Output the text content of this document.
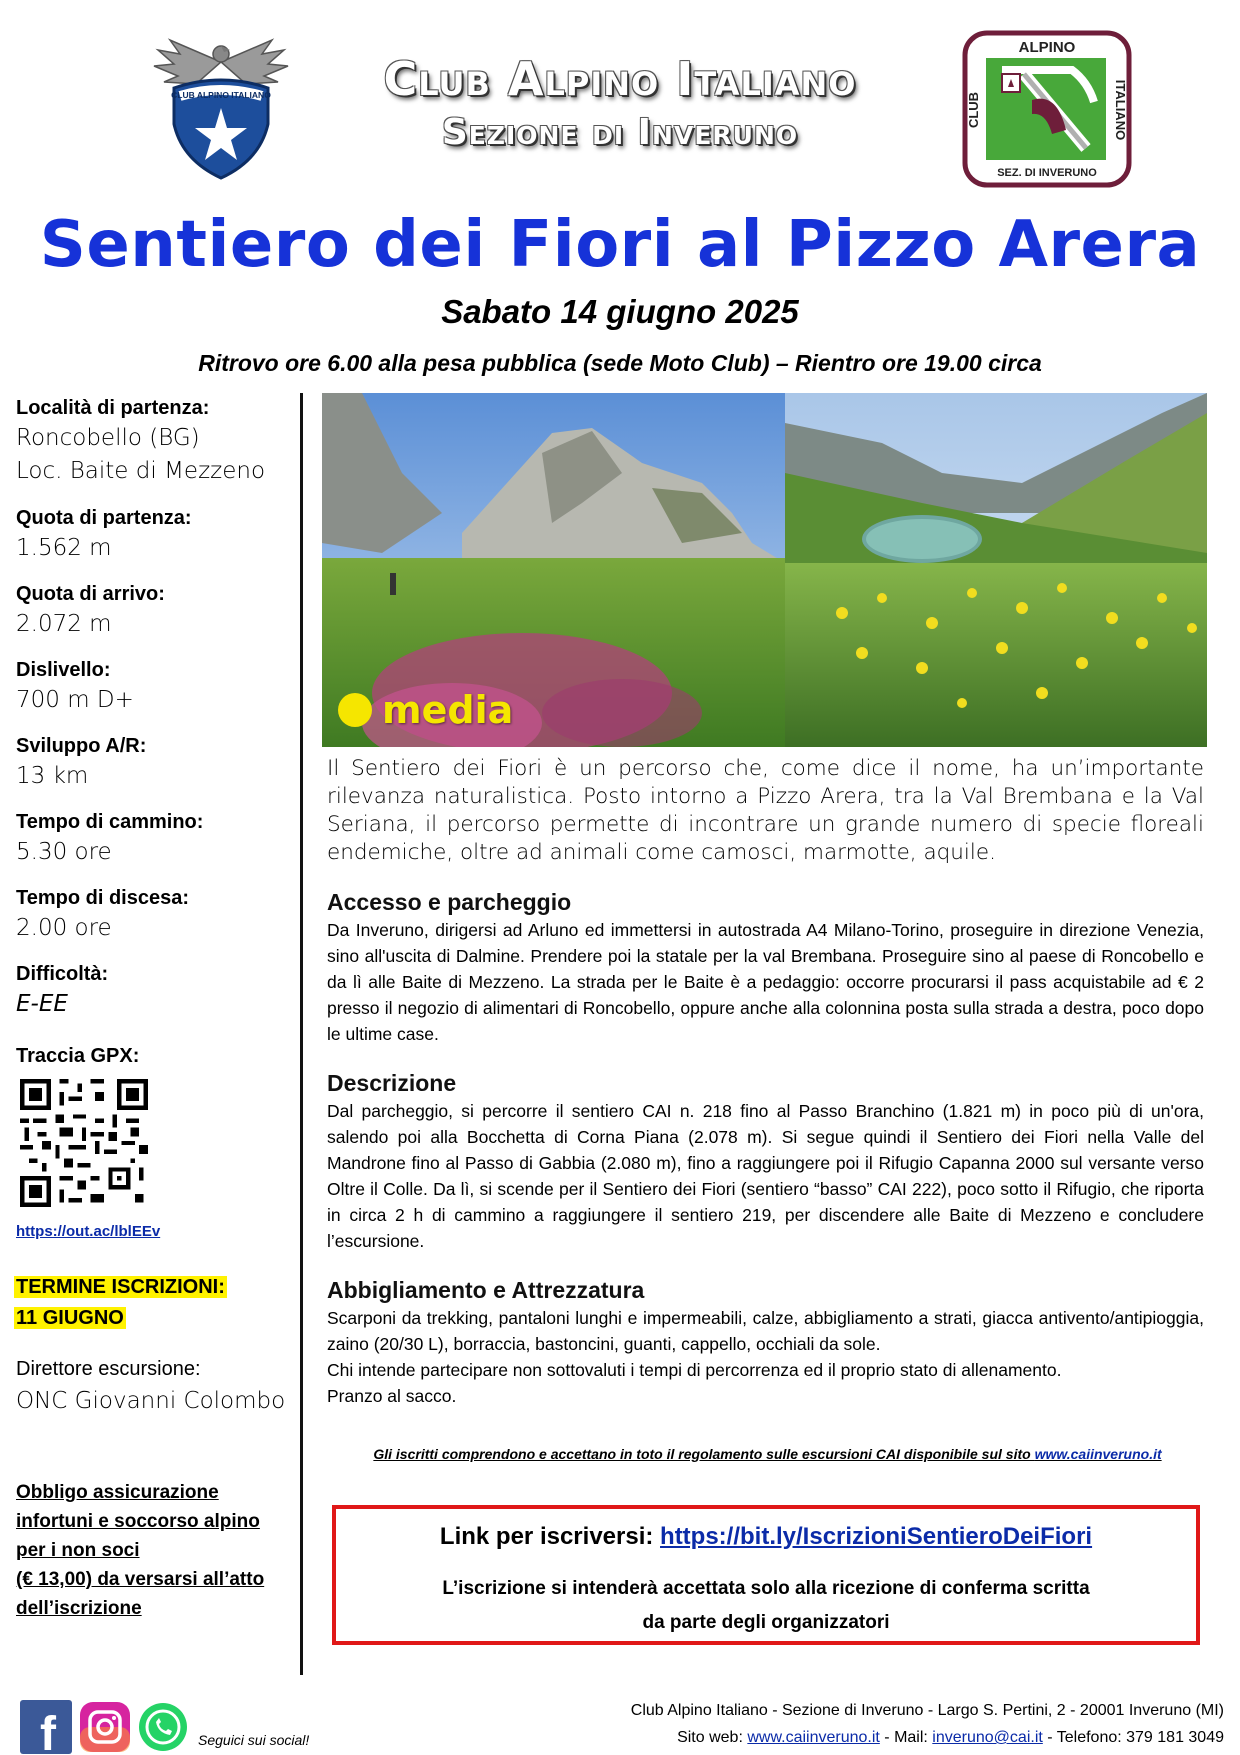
CLUB ALPINO ITALIANO	Club Alpino Italiano
Sezione di Inveruno
ALPINO
CLUB	ITALIANO
SEZ. DI INVERUNO
Sentiero dei Fiori al Pizzo Arera
Sabato 14 giugno 2025
Ritrovo ore 6.00 alla pesa pubblica (sede Moto Club) – Rientro ore 19.00 circa
Località di partenza:
Roncobello (BG)
Loc. Baite di Mezzeno
Quota di partenza:
1.562 m
Quota di arrivo:
2.072 m
Dislivello:
700 m D+
Sviluppo A/R:
13 km
Tempo di cammino:
5.30 ore
Tempo di discesa:
2.00 ore
Difficoltà:
E-EE
Traccia GPX:
https://out.ac/lblEEv
TERMINE ISCRIZIONI:
11 GIUGNO
Direttore escursione:
ONC Giovanni Colombo
Obbligo assicurazione
infortuni e soccorso alpino
per i non soci
(€ 13,00) da versarsi all’atto
dell’iscrizione
media
Il Sentiero dei Fiori è un percorso che, come dice il nome, ha un’importante rilevanza naturalistica. Posto intorno a Pizzo Arera, tra la Val Brembana e la Val Seriana, il percorso permette di incontrare un grande numero di specie floreali endemiche, oltre ad animali come camosci, marmotte, aquile.
Accesso e parcheggio
Da Inveruno, dirigersi ad Arluno ed immettersi in autostrada A4 Milano-Torino, proseguire in direzione Venezia, sino all'uscita di Dalmine. Prendere poi la statale per la val Brembana. Proseguire sino al paese di Roncobello e da lì alle Baite di Mezzeno. La strada per le Baite è a pedaggio: occorre procurarsi il pass acquistabile ad € 2 presso il negozio di alimentari di Roncobello, oppure anche alla colonnina posta sulla strada a destra, poco dopo le ultime case.
Descrizione
Dal parcheggio, si percorre il sentiero CAI n. 218 fino al Passo Branchino (1.821 m) in poco più di un'ora, salendo poi alla Bocchetta di Corna Piana (2.078 m). Si segue quindi il Sentiero dei Fiori nella Valle del Mandrone fino al Passo di Gabbia (2.080 m), fino a raggiungere poi il Rifugio Capanna 2000 sul versante verso Oltre il Colle. Da lì, si scende per il Sentiero dei Fiori (sentiero “basso” CAI 222), poco sotto il Rifugio, che riporta in circa 2 h di cammino a raggiungere il sentiero 219, per discendere alle Baite di Mezzeno e concludere l’escursione.
Abbigliamento e Attrezzatura
Scarponi da trekking, pantaloni lunghi e impermeabili, calze, abbigliamento a strati, giacca antivento/antipioggia, zaino (20/30 L), borraccia, bastoncini, guanti, cappello, occhiali da sole.
Chi intende partecipare non sottovaluti i tempi di percorrenza ed il proprio stato di allenamento.
Pranzo al sacco.
Gli iscritti comprendono e accettano in toto il regolamento sulle escursioni CAI disponibile sul sito www.caiinveruno.it
Link per iscriversi: https://bit.ly/IscrizioniSentieroDeiFiori
L’iscrizione si intenderà accettata solo alla ricezione di conferma scritta
da parte degli organizzatori
f	Seguici sui social!
Club Alpino Italiano - Sezione di Inveruno - Largo S. Pertini, 2 - 20001 Inveruno (MI)
Sito web: www.caiinveruno.it - Mail: inveruno@cai.it - Telefono: 379 181 3049
